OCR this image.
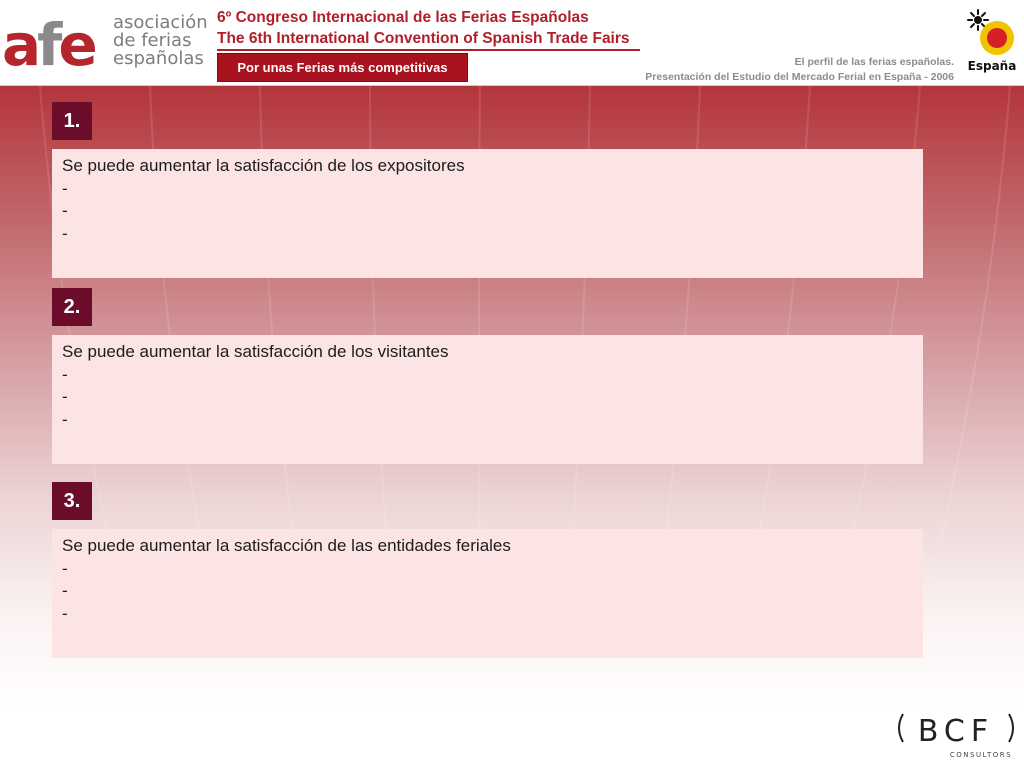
afe asociación
de ferias
españolas
6º Congreso Internacional de las Ferias Españolas
The 6th International Convention of Spanish Trade Fairs
Por unas Ferias más competitivas	El perfil de las ferias españolas.
Presentación del Estudio del Mercado Ferial en España - 2006
España
1.
Se puede aumentar la satisfacción de los expositores
-
-
-
2.
Se puede aumentar la satisfacción de los visitantes
-
-
-
3.
Se puede aumentar la satisfacción de las entidades feriales
-
-
-
BCF
CONSULTORS
